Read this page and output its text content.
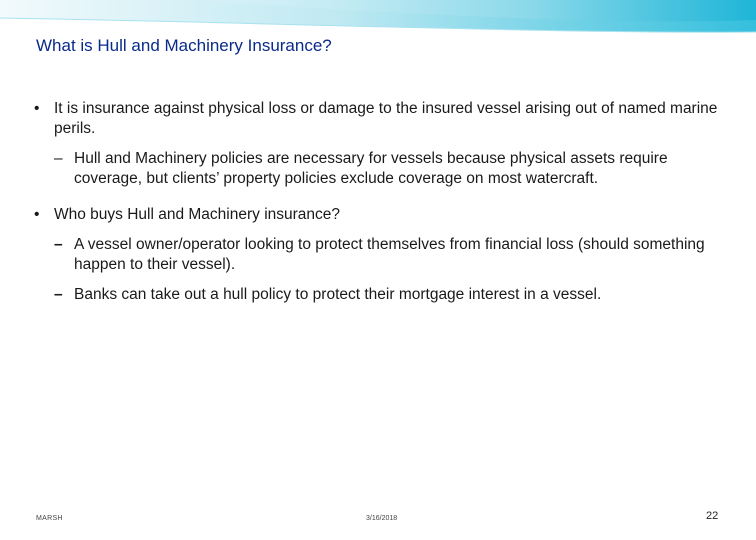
What is Hull and Machinery Insurance?
• It is insurance against physical loss or damage to the insured vessel arising out of named marine perils.
– Hull and Machinery policies are necessary for vessels because physical assets require coverage, but clients’ property policies exclude coverage on most watercraft.
• Who buys Hull and Machinery insurance?
– A vessel owner/operator looking to protect themselves from financial loss (should something happen to their vessel).
– Banks can take out a hull policy to protect their mortgage interest in a vessel.
MARSH	3/16/2018	22
